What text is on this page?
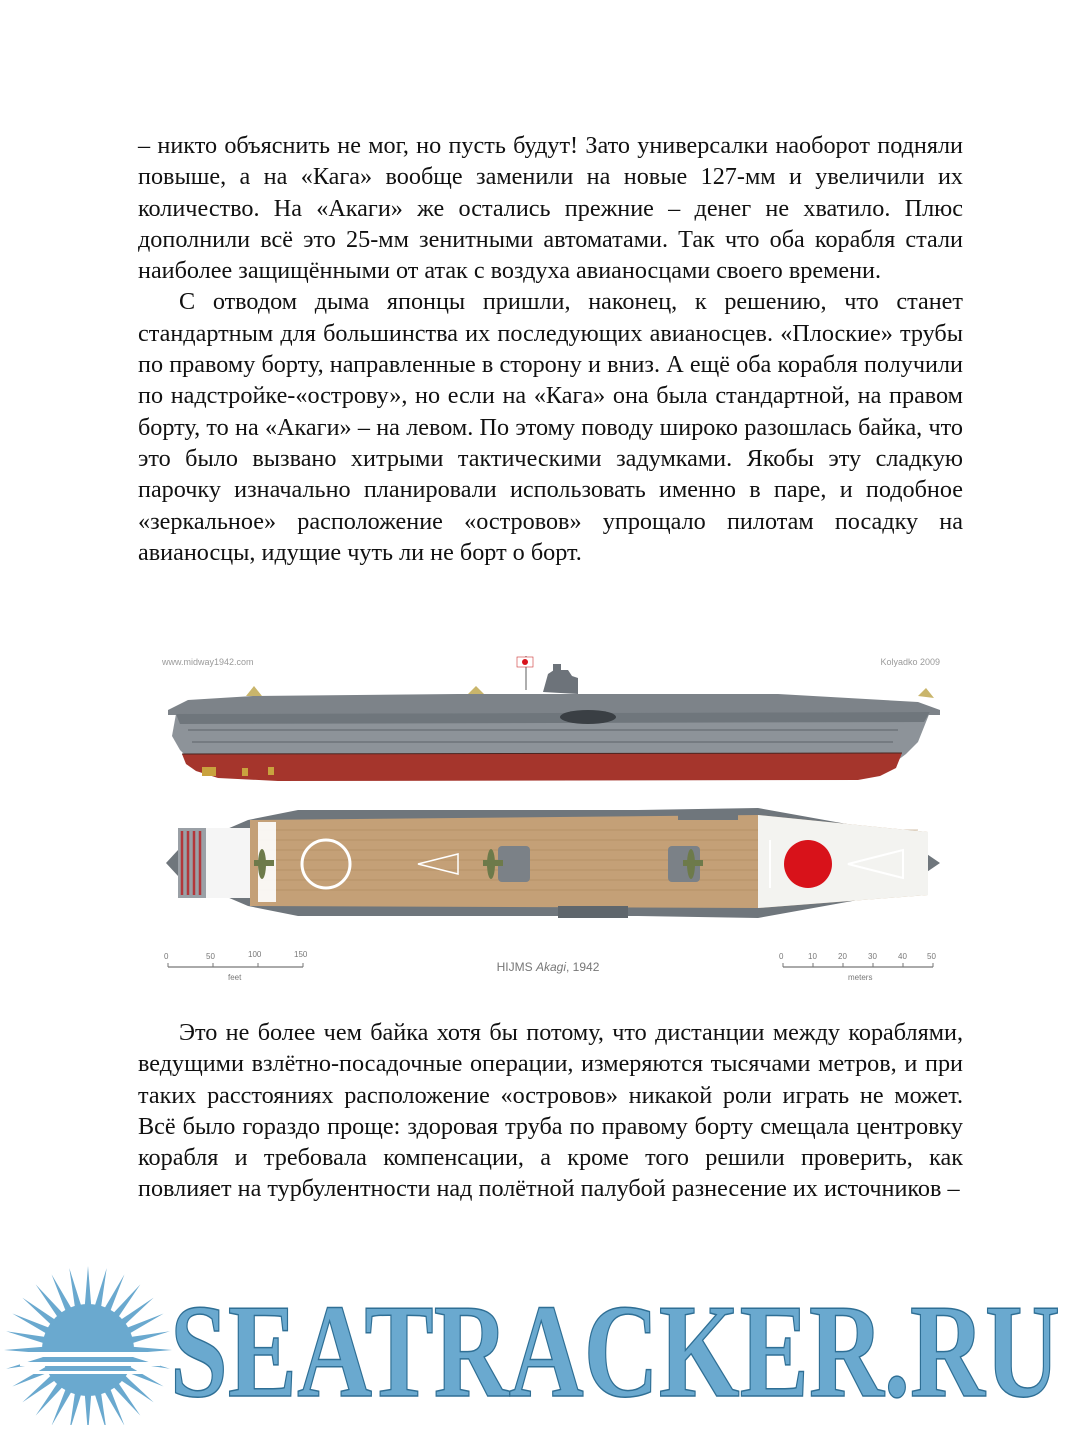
– никто объяснить не мог, но пусть будут! Зато универсалки наоборот подняли повыше, а на «Кага» вообще заменили на новые 127-мм и увеличили их количество. На «Акаги» же остались прежние – денег не хватило. Плюс дополнили всё это 25-мм зенитными автоматами. Так что оба корабля стали наиболее защищёнными от атак с воздуха авианосцами своего времени.

С отводом дыма японцы пришли, наконец, к решению, что станет стандартным для большинства их последующих авианосцев. «Плоские» трубы по правому борту, направленные в сторону и вниз. А ещё оба корабля получили по надстройке-«острову», но если на «Кага» она была стандартной, на правом борту, то на «Акаги» – на левом. По этому поводу широко разошлась байка, что это было вызвано хитрыми тактическими задумками. Якобы эту сладкую парочку изначально планировали использовать именно в паре, и подобное «зеркальное» расположение «островов» упрощало пилотам посадку на авианосцы, идущие чуть ли не борт о борт.

www.midway1942.com	Kolyadko 2009
ア
0	50	100	150
feet
HIJMS Akagi, 1942
0	10	20	30	40	50
meters

Это не более чем байка хотя бы потому, что дистанции между кораблями, ведущими взлётно-посадочные операции, измеряются тысячами метров, и при таких расстояниях расположение «островов» никакой роли играть не может. Всё было гораздо проще: здоровая труба по правому борту смещала центровку корабля и требовала компенсации, а кроме того решили проверить, как повлияет на турбулентности над полётной палубой разнесение их источников –

SEATRACKER.RU
